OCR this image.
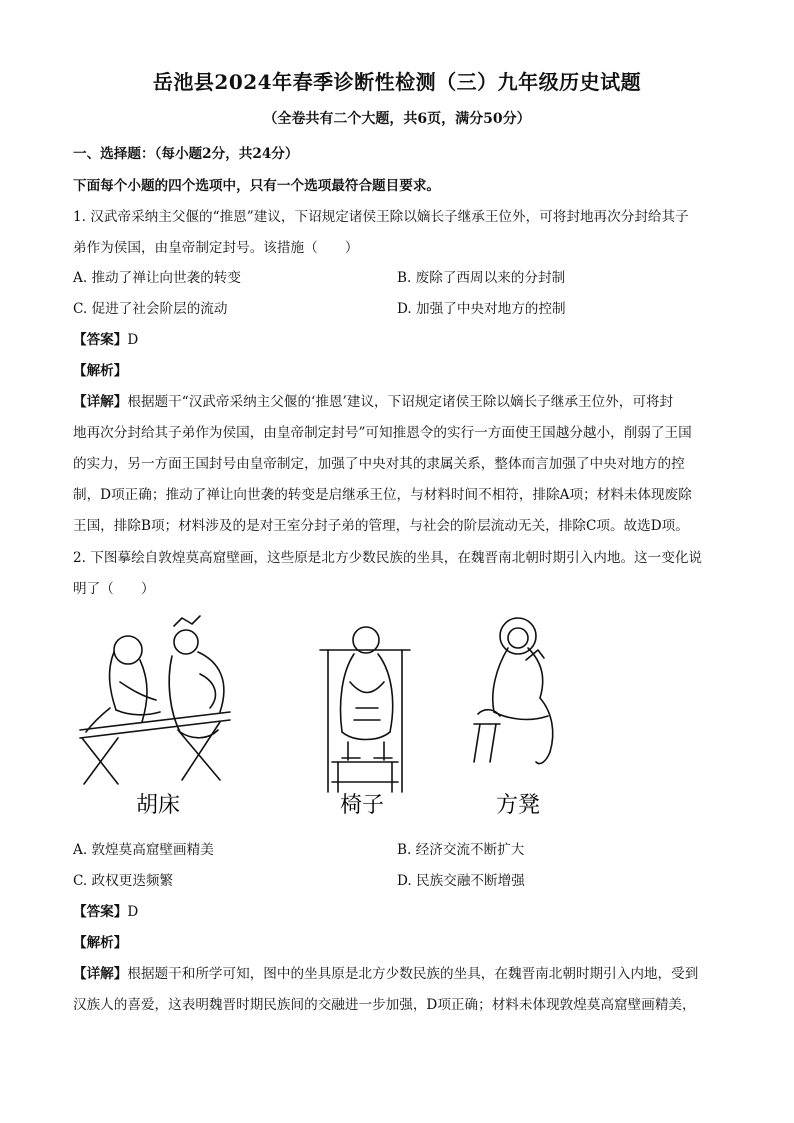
岳池县2024年春季诊断性检测（三）九年级历史试题
（全卷共有二个大题，共6页，满分50分）
一、选择题：（每小题2分，共24分）
下面每个小题的四个选项中，只有一个选项最符合题目要求。
1. 汉武帝采纳主父偃的“推恩”建议，下诏规定诸侯王除以嫡长子继承王位外，可将封地再次分封给其子
弟作为侯国，由皇帝制定封号。该措施（　　）
A. 推动了禅让向世袭的转变	B. 废除了西周以来的分封制
C. 促进了社会阶层的流动	D. 加强了中央对地方的控制
【答案】D
【解析】
【详解】根据题干“汉武帝采纳主父偃的‘推恩’建议，下诏规定诸侯王除以嫡长子继承王位外，可将封
地再次分封给其子弟作为侯国，由皇帝制定封号”可知推恩令的实行一方面使王国越分越小，削弱了王国
的实力，另一方面王国封号由皇帝制定，加强了中央对其的隶属关系，整体而言加强了中央对地方的控
制，D项正确；推动了禅让向世袭的转变是启继承王位，与材料时间不相符，排除A项；材料未体现废除
王国，排除B项；材料涉及的是对王室分封子弟的管理，与社会的阶层流动无关，排除C项。故选D项。
2. 下图摹绘自敦煌莫高窟壁画，这些原是北方少数民族的坐具，在魏晋南北朝时期引入内地。这一变化说
明了（　　）
胡床	椅子	方凳
A. 敦煌莫高窟壁画精美	B. 经济交流不断扩大
C. 政权更迭频繁	D. 民族交融不断增强
【答案】D
【解析】
【详解】根据题干和所学可知，图中的坐具原是北方少数民族的坐具，在魏晋南北朝时期引入内地，受到
汉族人的喜爱，这表明魏晋时期民族间的交融进一步加强，D项正确；材料未体现敦煌莫高窟壁画精美，
